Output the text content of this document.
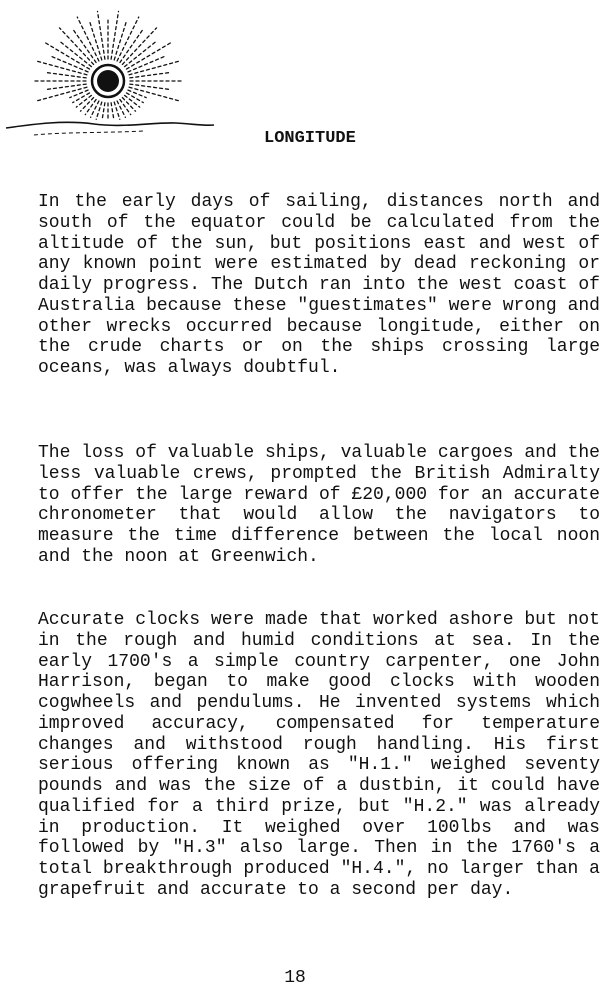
LONGITUDE

In the early days of sailing, distances north and south of the equator could be calculated from the altitude of the sun, but positions east and west of any known point were estimated by dead reckoning or daily progress. The Dutch ran into the west coast of Australia because these "guestimates" were wrong and other wrecks occurred because longitude, either on the crude charts or on the ships crossing large oceans, was always doubtful.

The loss of valuable ships, valuable cargoes and the less valuable crews, prompted the British Admiralty to offer the large reward of £20,000 for an accurate chronometer that would allow the navigators to measure the time difference between the local noon and the noon at Greenwich.

Accurate clocks were made that worked ashore but not in the rough and humid conditions at sea. In the early 1700's a simple country carpenter, one John Harrison, began to make good clocks with wooden cogwheels and pendulums. He invented systems which improved accuracy, compensated for temperature changes and withstood rough handling. His first serious offering known as "H.1." weighed seventy pounds and was the size of a dustbin, it could have qualified for a third prize, but "H.2." was already in production. It weighed over 100lbs and was followed by "H.3" also large. Then in the 1760's a total breakthrough produced "H.4.", no larger than a grapefruit and accurate to a second per day.

18
